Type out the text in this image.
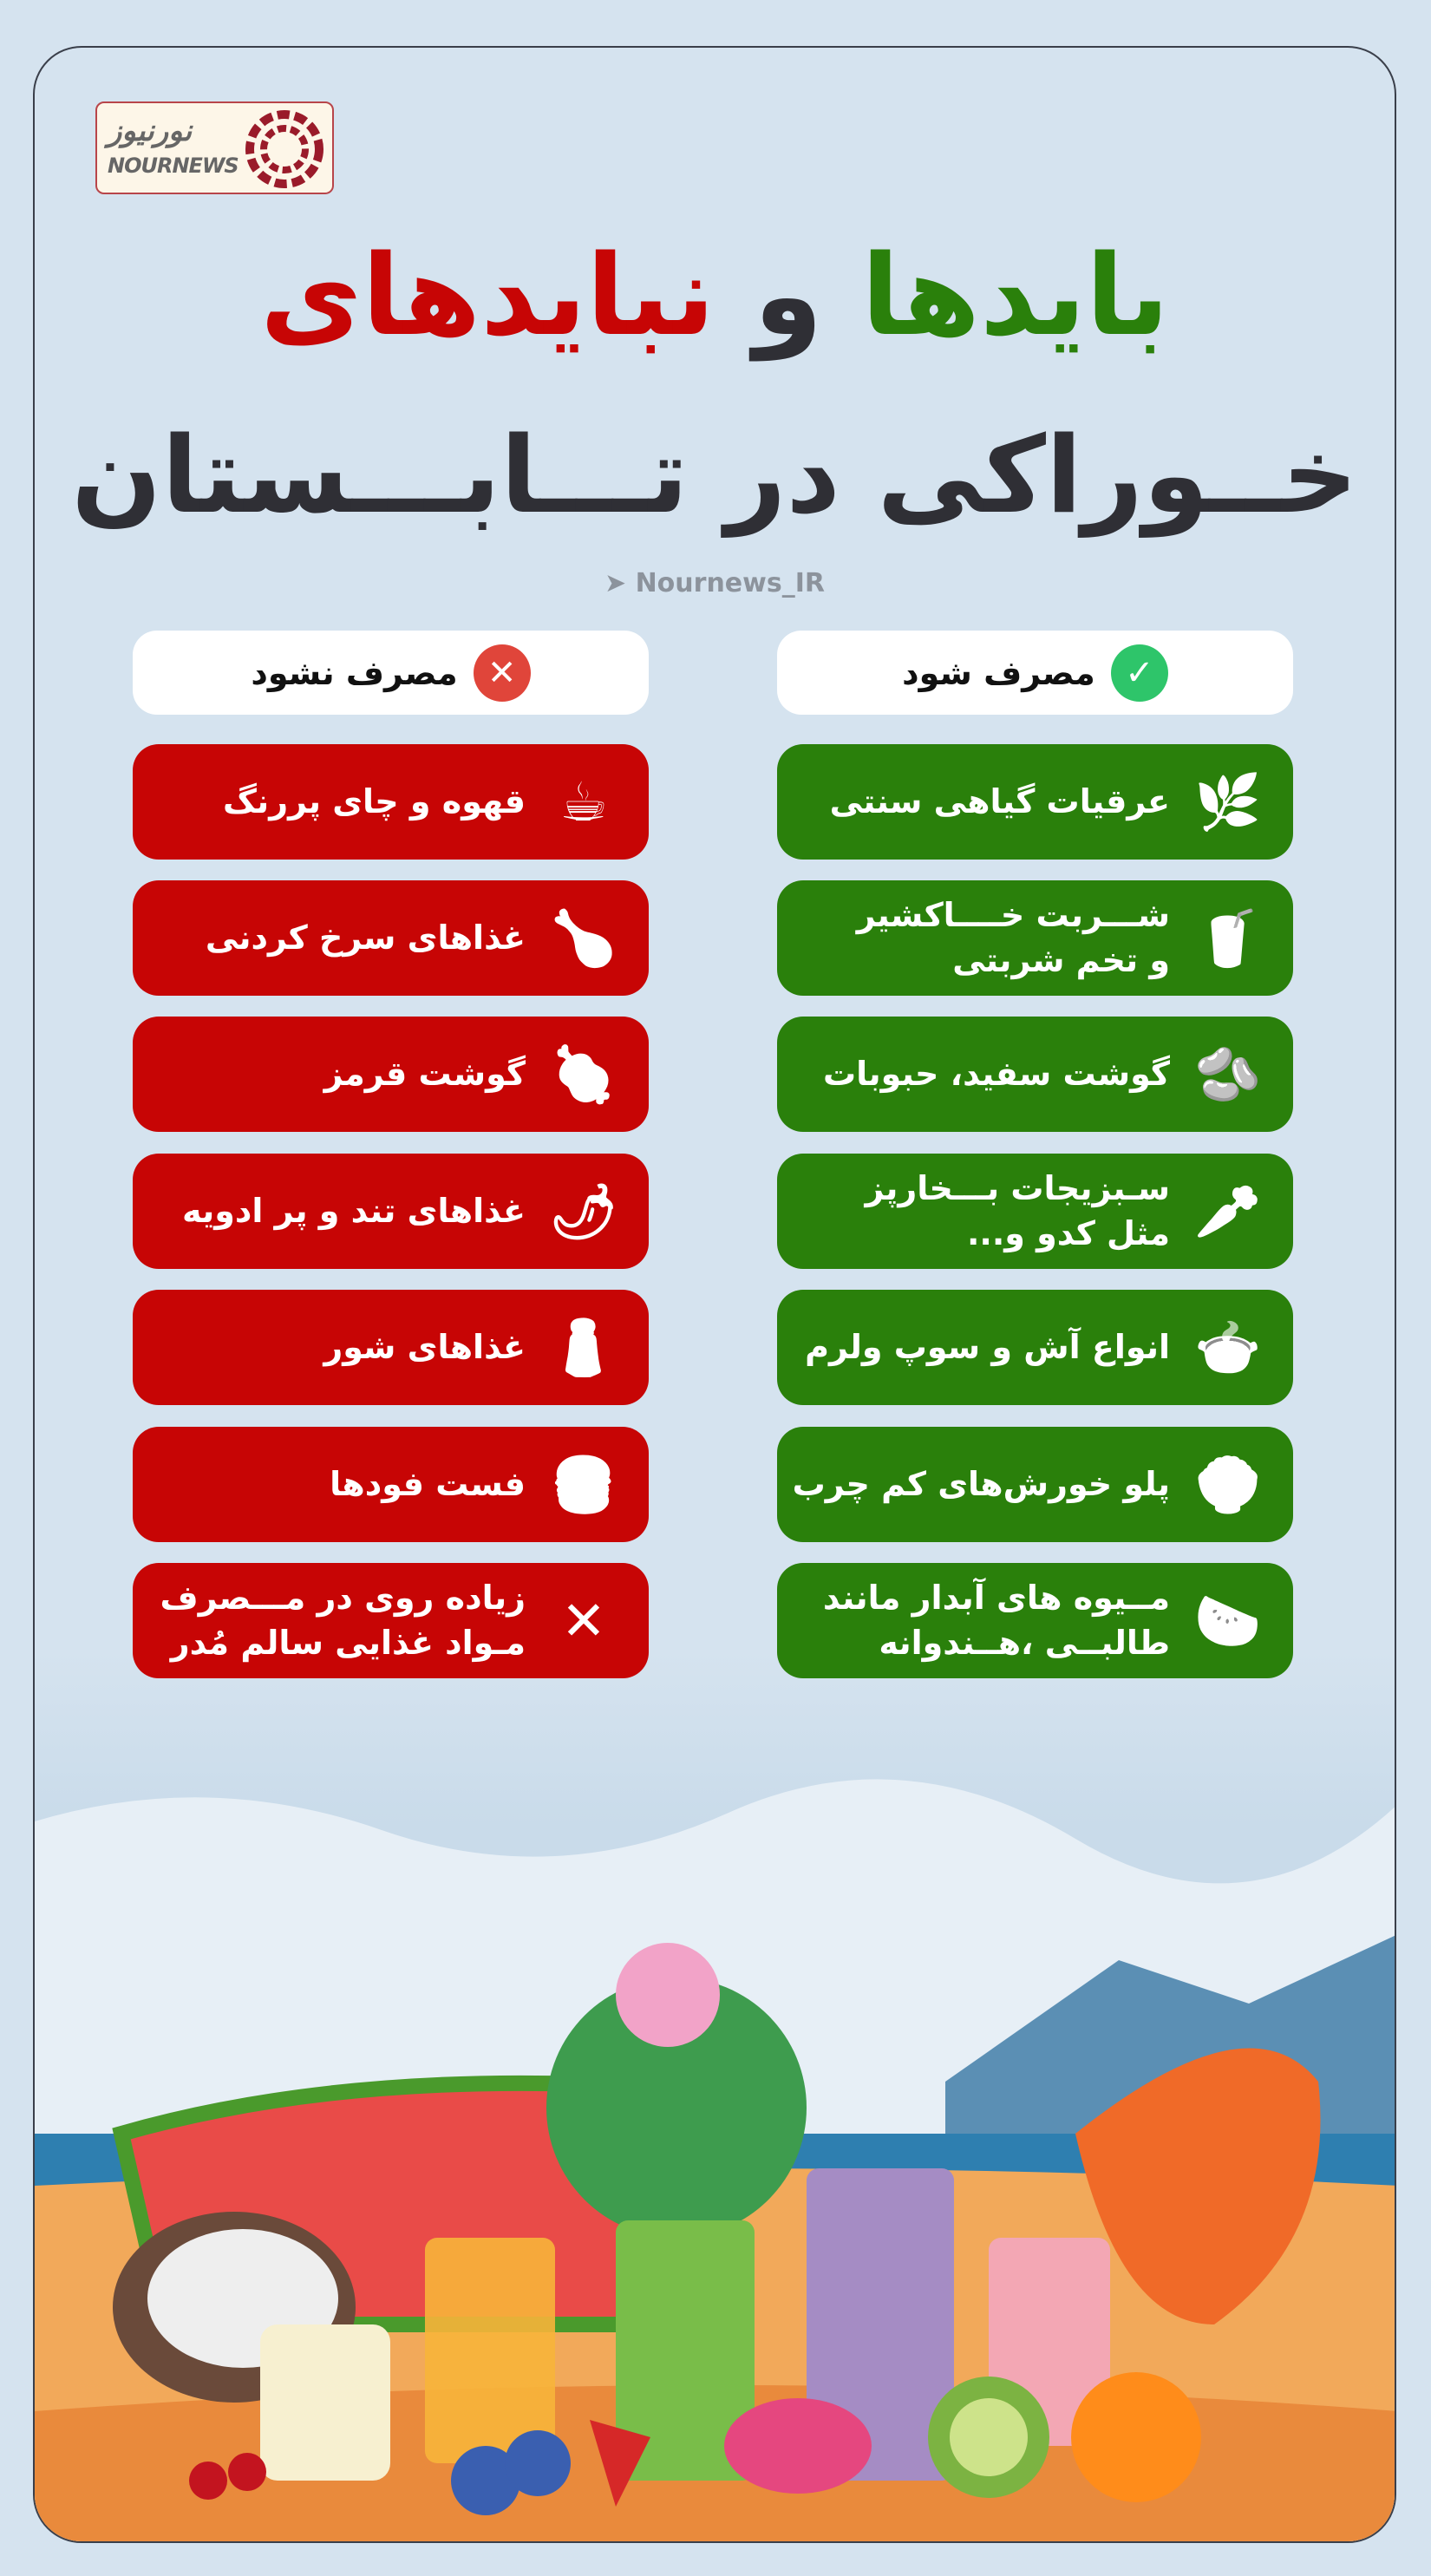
نورنیوز
NOURNEWS
بایدها و نبایدهای
خــوراکی در تـــابـــستان
➤ Nournews_IR
✕
مصرف نشود	✓
مصرف شود
☕
قهوه و چای پررنگ
🍗
غذاهای سرخ کردنی
🍖
گوشت قرمز
🌶
غذاهای تند و پر ادویه
🧂
غذاهای شور
🍔
فست فودها
✕
زیاده روی در مـــصرف
مـواد غذایی سالم مُدر
🌿
عرقیات گیاهی سنتی
🥤
شـــربت خــــاکشیر
و تخم شربتی
🫘
گوشت سفید، حبوبات
🥕
سـبزیجات بـــخارپز
مثل کدو و...
🍲
انواع آش و سوپ ولرم
🍚
پلو خورش‌های کم چرب
🍉
مــیوه های آبدار مانند
طالبــی ،هــندوانه
